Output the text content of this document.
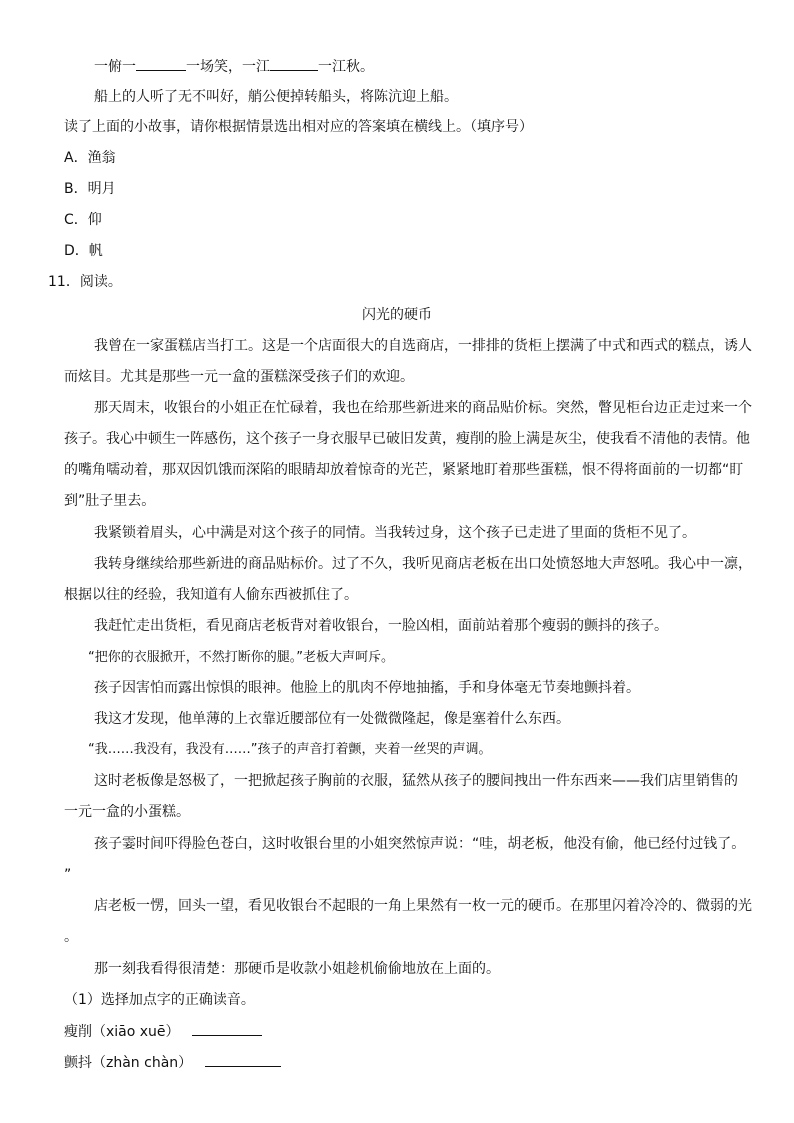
一俯一	一场笑，一江	一江秋。
船上的人听了无不叫好，艄公便掉转船头，将陈沆迎上船。
读了上面的小故事，请你根据情景选出相对应的答案填在横线上。（填序号）
A．渔翁
B．明月
C．仰
D．帆
11．阅读。
闪光的硬币
我曾在一家蛋糕店当打工。这是一个店面很大的自选商店，一排排的货柜上摆满了中式和西式的糕点，诱人
而炫目。尤其是那些一元一盒的蛋糕深受孩子们的欢迎。
那天周末，收银台的小姐正在忙碌着，我也在给那些新进来的商品贴价标。突然，瞥见柜台边正走过来一个
孩子。我心中顿生一阵感伤，这个孩子一身衣服早已破旧发黄，瘦削的脸上满是灰尘，使我看不清他的表情。他
的嘴角嚅动着，那双因饥饿而深陷的眼睛却放着惊奇的光芒，紧紧地盯着那些蛋糕，恨不得将面前的一切都“盯
到”肚子里去。
我紧锁着眉头，心中满是对这个孩子的同情。当我转过身，这个孩子已走进了里面的货柜不见了。
我转身继续给那些新进的商品贴标价。过了不久，我听见商店老板在出口处愤怒地大声怒吼。我心中一凛，
根据以往的经验，我知道有人偷东西被抓住了。
我赶忙走出货柜，看见商店老板背对着收银台，一脸凶相，面前站着那个瘦弱的颤抖的孩子。
“把你的衣服掀开，不然打断你的腿。”老板大声呵斥。
孩子因害怕而露出惊惧的眼神。他脸上的肌肉不停地抽搐，手和身体毫无节奏地颤抖着。
我这才发现，他单薄的上衣靠近腰部位有一处微微隆起，像是塞着什么东西。
“我……我没有，我没有……”孩子的声音打着颤，夹着一丝哭的声调。
这时老板像是怒极了，一把掀起孩子胸前的衣服，猛然从孩子的腰间拽出一件东西来——我们店里销售的
一元一盒的小蛋糕。
孩子霎时间吓得脸色苍白，这时收银台里的小姐突然惊声说：“哇，胡老板，他没有偷，他已经付过钱了。
”
店老板一愣，回头一望，看见收银台不起眼的一角上果然有一枚一元的硬币。在那里闪着冷冷的、微弱的光
。
那一刻我看得很清楚：那硬币是收款小姐趁机偷偷地放在上面的。
（1）选择加点字的正确读音。
瘦削（xiāo xuē）
颤抖（zhàn chàn）
